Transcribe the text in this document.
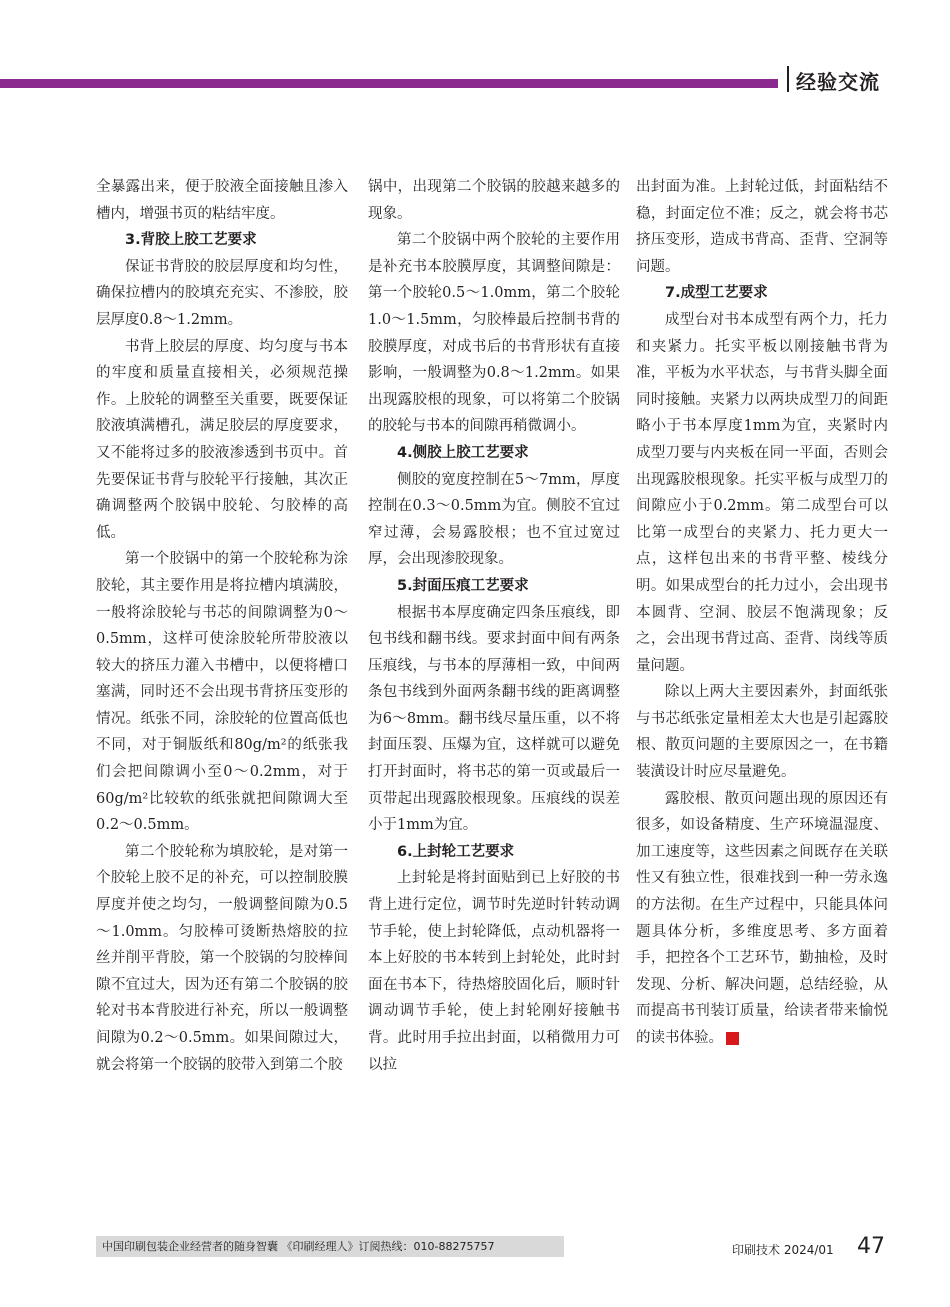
经验交流

全暴露出来，便于胶液全面接触且渗入槽内，增强书页的粘结牢度。

3.背胶上胶工艺要求

保证书背胶的胶层厚度和均匀性，确保拉槽内的胶填充充实、不渗胶，胶层厚度0.8～1.2mm。

书背上胶层的厚度、均匀度与书本的牢度和质量直接相关，必须规范操作。上胶轮的调整至关重要，既要保证胶液填满槽孔，满足胶层的厚度要求，又不能将过多的胶液渗透到书页中。首先要保证书背与胶轮平行接触，其次正确调整两个胶锅中胶轮、匀胶棒的高低。

第一个胶锅中的第一个胶轮称为涂胶轮，其主要作用是将拉槽内填满胶，一般将涂胶轮与书芯的间隙调整为0～0.5mm，这样可使涂胶轮所带胶液以较大的挤压力灌入书槽中，以便将槽口塞满，同时还不会出现书背挤压变形的情况。纸张不同，涂胶轮的位置高低也不同，对于铜版纸和80g/m²的纸张我们会把间隙调小至0～0.2mm，对于60g/m²比较软的纸张就把间隙调大至0.2～0.5mm。

第二个胶轮称为填胶轮，是对第一个胶轮上胶不足的补充，可以控制胶膜厚度并使之均匀，一般调整间隙为0.5～1.0mm。匀胶棒可烫断热熔胶的拉丝并削平背胶，第一个胶锅的匀胶棒间隙不宜过大，因为还有第二个胶锅的胶轮对书本背胶进行补充，所以一般调整间隙为0.2～0.5mm。如果间隙过大，就会将第一个胶锅的胶带入到第二个胶

锅中，出现第二个胶锅的胶越来越多的现象。

第二个胶锅中两个胶轮的主要作用是补充书本胶膜厚度，其调整间隙是：第一个胶轮0.5～1.0mm，第二个胶轮1.0～1.5mm，匀胶棒最后控制书背的胶膜厚度，对成书后的书背形状有直接影响，一般调整为0.8～1.2mm。如果出现露胶根的现象，可以将第二个胶锅的胶轮与书本的间隙再稍微调小。

4.侧胶上胶工艺要求

侧胶的宽度控制在5～7mm，厚度控制在0.3～0.5mm为宜。侧胶不宜过窄过薄，会易露胶根；也不宜过宽过厚，会出现渗胶现象。

5.封面压痕工艺要求

根据书本厚度确定四条压痕线，即包书线和翻书线。要求封面中间有两条压痕线，与书本的厚薄相一致，中间两条包书线到外面两条翻书线的距离调整为6～8mm。翻书线尽量压重，以不将封面压裂、压爆为宜，这样就可以避免打开封面时，将书芯的第一页或最后一页带起出现露胶根现象。压痕线的误差小于1mm为宜。

6.上封轮工艺要求

上封轮是将封面贴到已上好胶的书背上进行定位，调节时先逆时针转动调节手轮，使上封轮降低，点动机器将一本上好胶的书本转到上封轮处，此时封面在书本下，待热熔胶固化后，顺时针调动调节手轮，使上封轮刚好接触书背。此时用手拉出封面，以稍微用力可以拉

出封面为准。上封轮过低，封面粘结不稳，封面定位不准；反之，就会将书芯挤压变形，造成书背高、歪背、空洞等问题。

7.成型工艺要求

成型台对书本成型有两个力，托力和夹紧力。托实平板以刚接触书背为准，平板为水平状态，与书背头脚全面同时接触。夹紧力以两块成型刀的间距略小于书本厚度1mm为宜，夹紧时内成型刀要与内夹板在同一平面，否则会出现露胶根现象。托实平板与成型刀的间隙应小于0.2mm。第二成型台可以比第一成型台的夹紧力、托力更大一点，这样包出来的书背平整、棱线分明。如果成型台的托力过小，会出现书本圆背、空洞、胶层不饱满现象；反之，会出现书背过高、歪背、岗线等质量问题。

除以上两大主要因素外，封面纸张与书芯纸张定量相差太大也是引起露胶根、散页问题的主要原因之一，在书籍装潢设计时应尽量避免。

露胶根、散页问题出现的原因还有很多，如设备精度、生产环境温湿度、加工速度等，这些因素之间既存在关联性又有独立性，很难找到一种一劳永逸的方法彻。在生产过程中，只能具体问题具体分析，多维度思考、多方面着手，把控各个工艺环节，勤抽检，及时发现、分析、解决问题，总结经验，从而提高书刊装订质量，给读者带来愉悦的读书体验。	P

中国印刷包装企业经营者的随身智囊 《印刷经理人》订阅热线：010-88275757	印刷技术 2024/01 47
